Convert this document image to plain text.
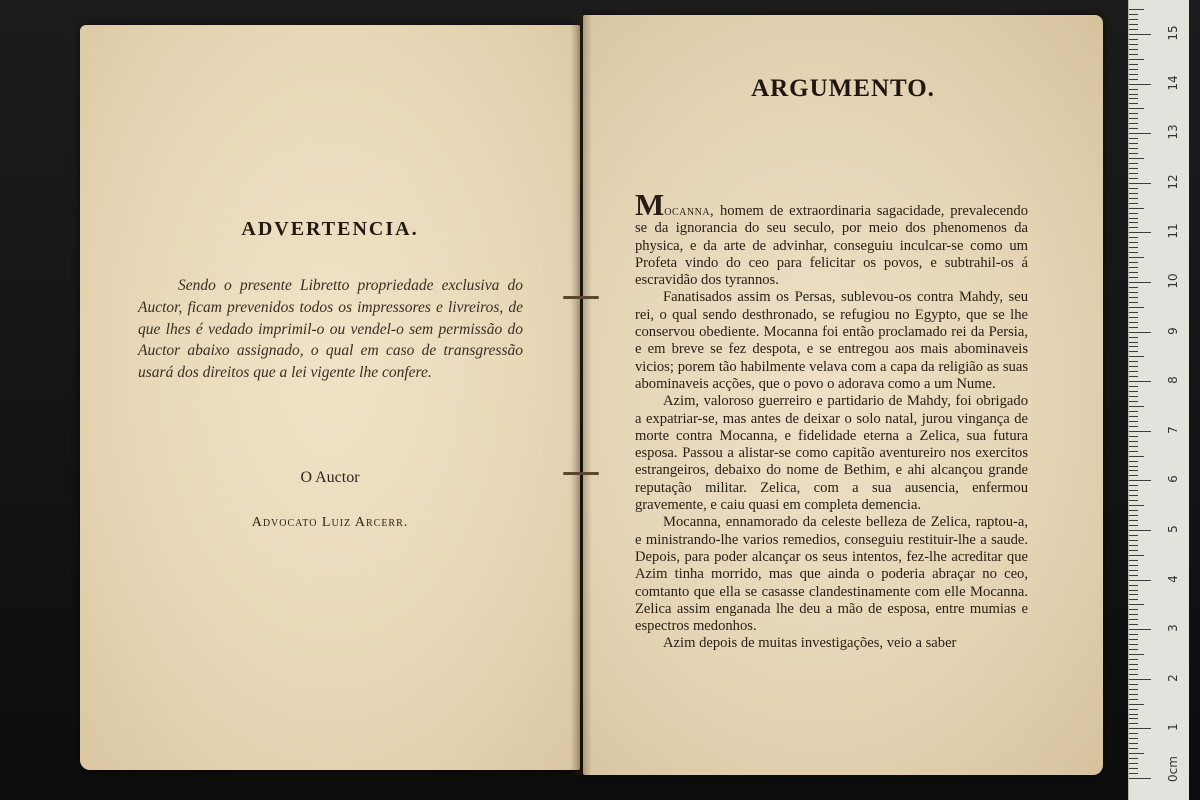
ADVERTENCIA.
Sendo o presente Libretto propriedade exclusiva do Auctor, ficam prevenidos todos os impressores e livreiros, de que lhes é vedado imprimil-o ou vendel-o sem permissão do Auctor abaixo assignado, o qual em caso de transgressão usará dos direitos que a lei vigente lhe confere.
O Auctor
Advocato Luiz Arcerr.
ARGUMENTO.

Mocanna, homem de extraordinaria sagacidade, prevalecendo se da ignorancia do seu seculo, por meio dos phenomenos da physica, e da arte de advinhar, conseguiu inculcar-se como um Profeta vindo do ceo para felicitar os povos, e subtrahil-os á escravidão dos tyrannos.

Fanatisados assim os Persas, sublevou-os contra Mahdy, seu rei, o qual sendo desthronado, se refugiou no Egypto, que se lhe conservou obediente. Mocanna foi então proclamado rei da Persia, e em breve se fez despota, e se entregou aos mais abominaveis vicios; porem tão habilmente velava com a capa da religião as suas abominaveis acções, que o povo o adorava como a um Nume.

Azim, valoroso guerreiro e partidario de Mahdy, foi obrigado a expatriar-se, mas antes de deixar o solo natal, jurou vingança de morte contra Mocanna, e fidelidade eterna a Zelica, sua futura esposa. Passou a alistar-se como capitão aventureiro nos exercitos estrangeiros, debaixo do nome de Bethim, e ahi alcançou grande reputação militar. Zelica, com a sua ausencia, enfermou gravemente, e caiu quasi em completa demencia.

Mocanna, ennamorado da celeste belleza de Zelica, raptou-a, e ministrando-lhe varios remedios, conseguiu restituir-lhe a saude. Depois, para poder alcançar os seus intentos, fez-lhe acreditar que Azim tinha morrido, mas que ainda o poderia abraçar no ceo, comtanto que ella se casasse clandestinamente com elle Mocanna. Zelica assim enganada lhe deu a mão de esposa, entre mumias e espectros medonhos.

Azim depois de muitas investigações, veio a saber

0cm
1
2
3
4
5
6
7
8
9
10
11
12
13
14
15
